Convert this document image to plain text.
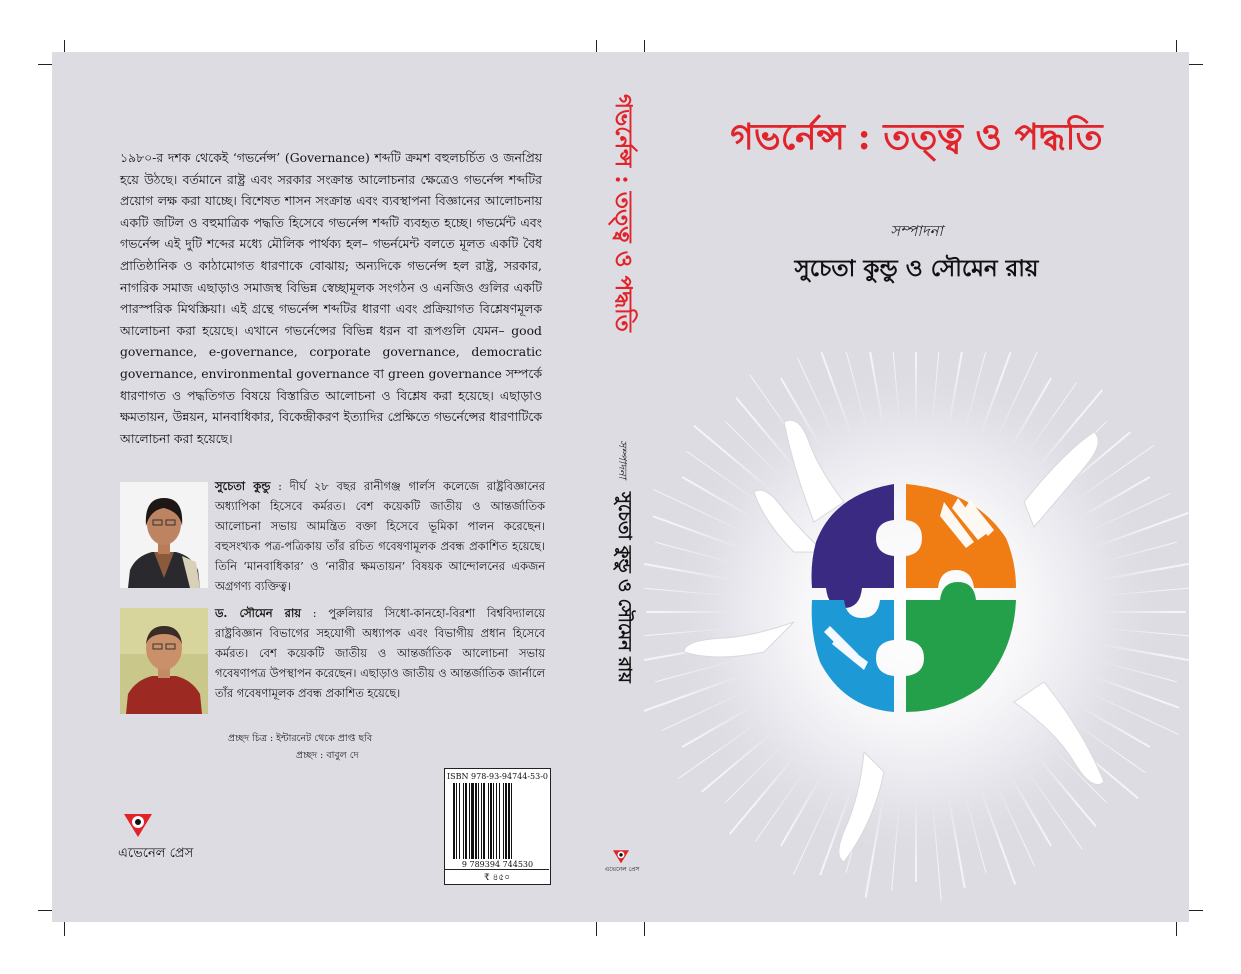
১৯৮০-র দশক থেকেই ‘গভর্নেন্স’ (Governance) শব্দটি ক্রমশ বহুলচর্চিত ও জনপ্রিয় হয়ে উঠছে। বর্তমানে রাষ্ট্র এবং সরকার সংক্রান্ত আলোচনার ক্ষেত্রেও গভর্নেন্স শব্দটির প্রয়োগ লক্ষ করা যাচ্ছে। বিশেষত শাসন সংক্রান্ত এবং ব্যবস্থাপনা বিজ্ঞানের আলোচনায় একটি জটিল ও বহুমাত্রিক পদ্ধতি হিসেবে গভর্নেন্স শব্দটি ব্যবহৃত হচ্ছে। গভর্মেন্ট এবং গভর্নেন্স এই দুটি শব্দের মধ্যে মৌলিক পার্থক্য হল– গভর্নমেন্ট বলতে মূলত একটি বৈধ প্রাতিষ্ঠানিক ও কাঠামোগত ধারণাকে বোঝায়; অন্যদিকে গভর্নেন্স হল রাষ্ট্র, সরকার, নাগরিক সমাজ এছাড়াও সমাজস্থ বিভিন্ন স্বেচ্ছামূলক সংগঠন ও এনজিও গুলির একটি পারস্পরিক মিথস্ক্রিয়া। এই গ্রন্থে গভর্নেন্স শব্দটির ধারণা এবং প্রক্রিয়াগত বিশ্লেষণমূলক আলোচনা করা হয়েছে। এখানে গভর্নেন্সের বিভিন্ন ধরন বা রূপগুলি যেমন– good governance, e-governance, corporate governance, democratic governance, environmental governance বা green governance সম্পর্কে ধারণাগত ও পদ্ধতিগত বিষয়ে বিস্তারিত আলোচনা ও বিশ্লেষ করা হয়েছে। এছাড়াও ক্ষমতায়ন, উন্নয়ন, মানবাধিকার, বিকেন্দ্রীকরণ ইত্যাদির প্রেক্ষিতে গভর্নেন্সের ধারণাটিকে আলোচনা করা হয়েছে।

সুচেতা কুন্ডু : দীর্ঘ ২৮ বছর রানীগঞ্জ গার্লস কলেজে রাষ্ট্রবিজ্ঞানের অধ্যাপিকা হিসেবে কর্মরত। বেশ কয়েকটি জাতীয় ও আন্তর্জাতিক আলোচনা সভায় আমন্ত্রিত বক্তা হিসেবে ভূমিকা পালন করেছেন। বহুসংখ্যক পত্র-পত্রিকায় তাঁর রচিত গবেষণামূলক প্রবন্ধ প্রকাশিত হয়েছে। তিনি ‘মানবাধিকার’ ও ‘নারীর ক্ষমতায়ন’ বিষয়ক আন্দোলনের একজন অগ্রগণ্য ব্যক্তিত্ব।

ড. সৌমেন রায় : পুরুলিয়ার সিধো-কানহো-বিরশা বিশ্ববিদ্যালয়ে রাষ্ট্রবিজ্ঞান বিভাগের সহযোগী অধ্যাপক এবং বিভাগীয় প্রধান হিসেবে কর্মরত। বেশ কয়েকটি জাতীয় ও আন্তর্জাতিক আলোচনা সভায় গবেষণাপত্র উপস্থাপন করেছেন। এছাড়াও জাতীয় ও আন্তর্জাতিক জার্নালে তাঁর গবেষণামূলক প্রবন্ধ প্রকাশিত হয়েছে।

প্রচ্ছদ চিত্র : ইন্টারনেট থেকে প্রাপ্ত ছবি
প্রচ্ছদ : বাবুল দে
ISBN 978-93-94744-53-0
9 789394 744530
₹ ৪৫০
এভেনেল প্রেস
গভর্নেন্স : তত্ত্ব ও পদ্ধতি
সম্পাদনা
সুচেতা কুন্ডু ও সৌমেন রায়
এভেনেল প্রেস
গভর্নেন্স : তত্ত্ব ও পদ্ধতি
সম্পাদনা
সুচেতা কুন্ডু ও সৌমেন রায়
